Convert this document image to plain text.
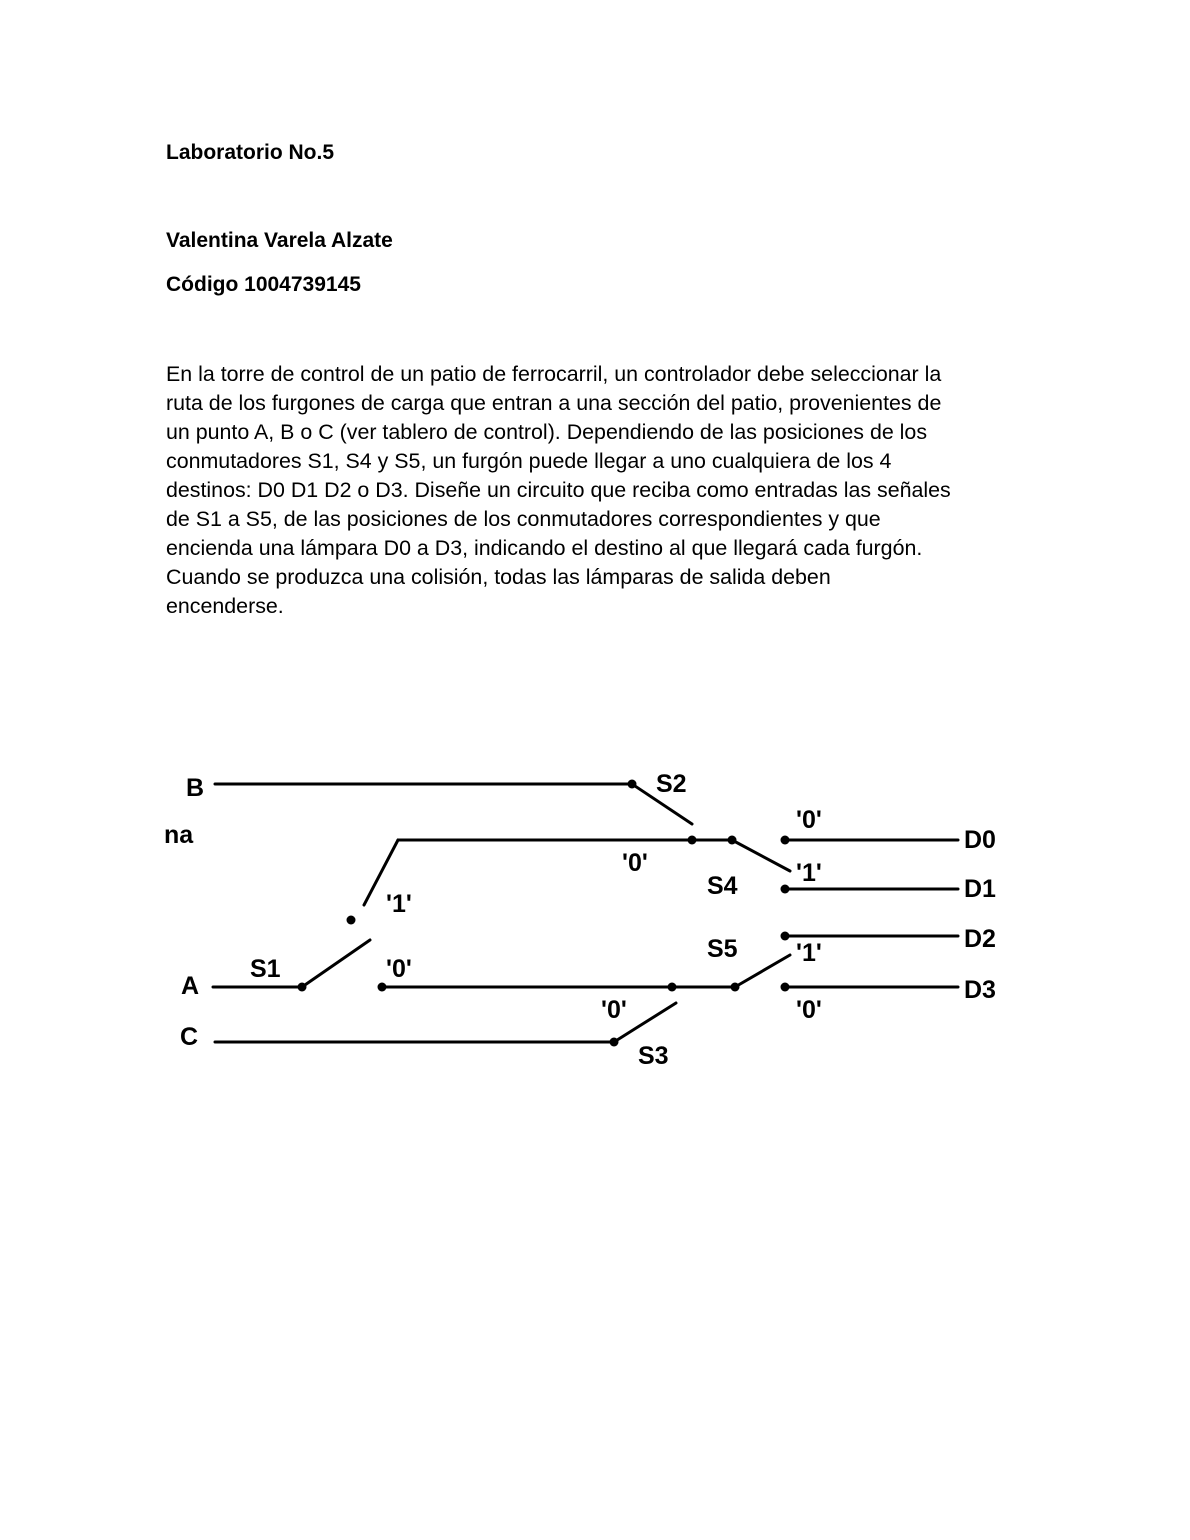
Laboratorio No.5

Valentina Varela Alzate

Código 1004739145

En la torre de control de un patio de ferrocarril, un controlador debe seleccionar la
ruta de los furgones de carga que entran a una sección del patio, provenientes de
un punto A, B o C (ver tablero de control). Dependiendo de las posiciones de los
conmutadores S1, S4 y S5, un furgón puede llegar a uno cualquiera de los 4
destinos: D0 D1 D2 o D3. Diseñe un circuito que reciba como entradas las señales
de S1 a S5, de las posiciones de los conmutadores correspondientes y que
encienda una lámpara D0 a D3, indicando el destino al que llegará cada furgón.
Cuando se produzca una colisión, todas las lámparas de salida deben
encenderse.
B
na
A
C
S2
S4
S5
S1
S3
'0'
'0'	'1'
'1'
'1'
'0'
'0'	'0'
D0
D1
D2
D3
